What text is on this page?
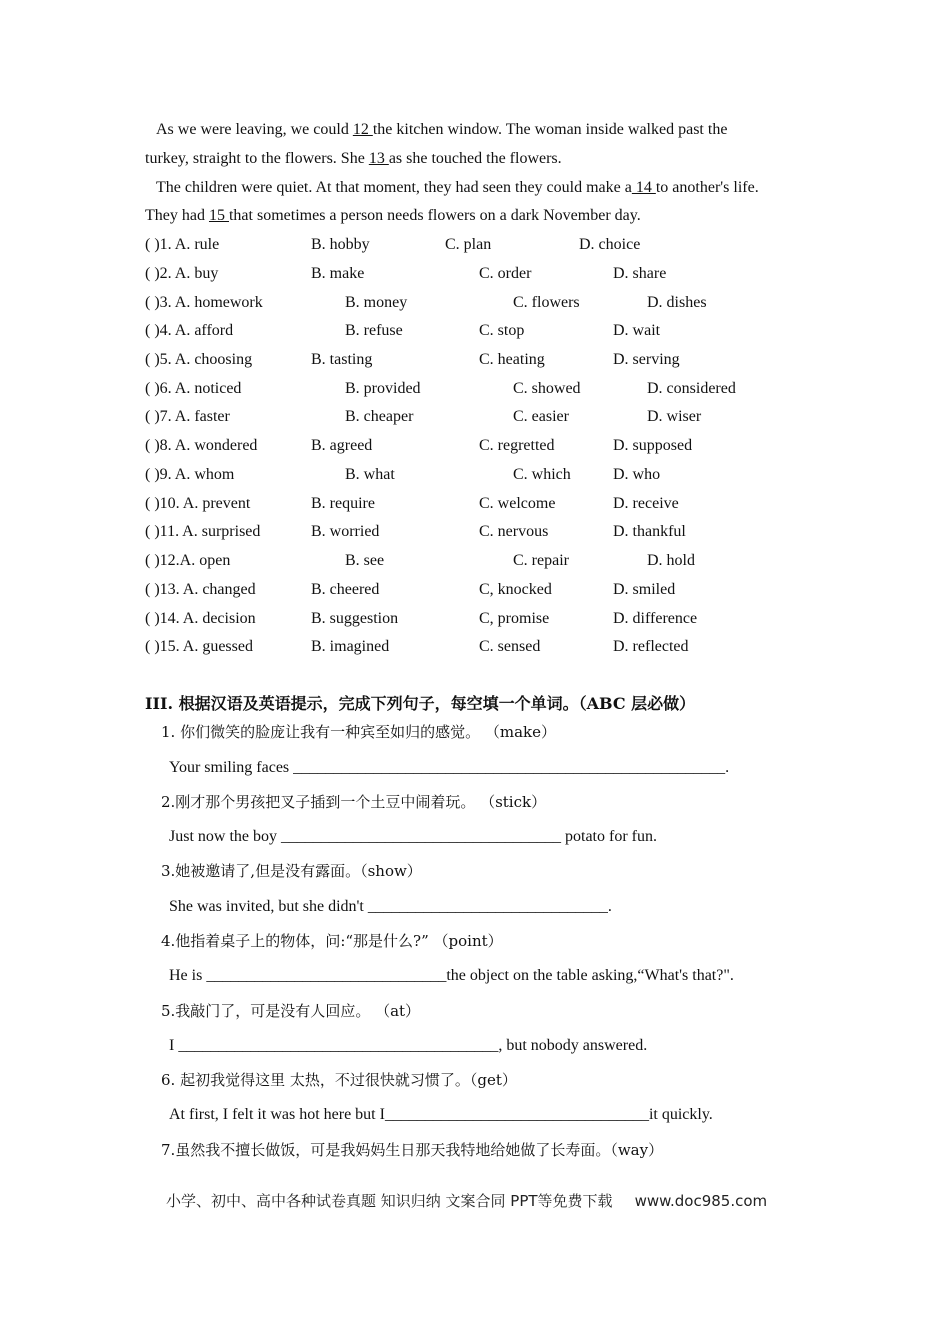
As we were leaving, we could 12 the kitchen window. The woman inside walked past the
turkey, straight to the flowers. She 13 as she touched the flowers.
The children were quiet. At that moment, they had seen they could make a 14 to another's life.
They had 15 that sometimes a person needs flowers on a dark November day.
( )1. A. rule	B. hobby	C. plan	D. choice
( )2. A. buy	B. make	C. order	D. share
( )3. A. homework	B. money	C. flowers	D. dishes
( )4. A. afford	B. refuse	C. stop	D. wait
( )5. A. choosing	B. tasting	C. heating	D. serving
( )6. A. noticed	B. provided	C. showed	D. considered
( )7. A. faster	B. cheaper	C. easier	D. wiser
( )8. A. wondered	B. agreed	C. regretted	D. supposed
( )9. A. whom	B. what	C. which	D. who
( )10. A. prevent	B. require	C. welcome	D. receive
( )11. A. surprised	B. worried	C. nervous	D. thankful
( )12.A. open	B. see	C. repair	D. hold
( )13. A. changed	B. cheered	C, knocked	D. smiled
( )14. A. decision	B. suggestion	C, promise	D. difference
( )15. A. guessed	B. imagined	C. sensed	D. reflected
III. 根据汉语及英语提示，完成下列句子，每空填一个单词。（ABC 层必做）
1. 你们微笑的脸庞让我有一种宾至如归的感觉。 （make）
Your smiling faces ______________________________________________________.
2.刚才那个男孩把叉子插到一个土豆中闹着玩。 （stick）
Just now the boy ___________________________________ potato for fun.
3.她被邀请了,但是没有露面。（show）
She was invited, but she didn't ______________________________.
4.他指着桌子上的物体，问:“那是什么?” （point）
He is ______________________________the object on the table asking,“What's that?".
5.我敲门了，可是没有人回应。 （at）
I ________________________________________, but nobody answered.
6. 起初我觉得这里 太热，不过很快就习惯了。（get）
At first, I felt it was hot here but I_________________________________it quickly.
7.虽然我不擅长做饭，可是我妈妈生日那天我特地给她做了长寿面。（way）
小学、初中、高中各种试卷真题 知识归纳 文案合同 PPT等免费下载 www.doc985.com
